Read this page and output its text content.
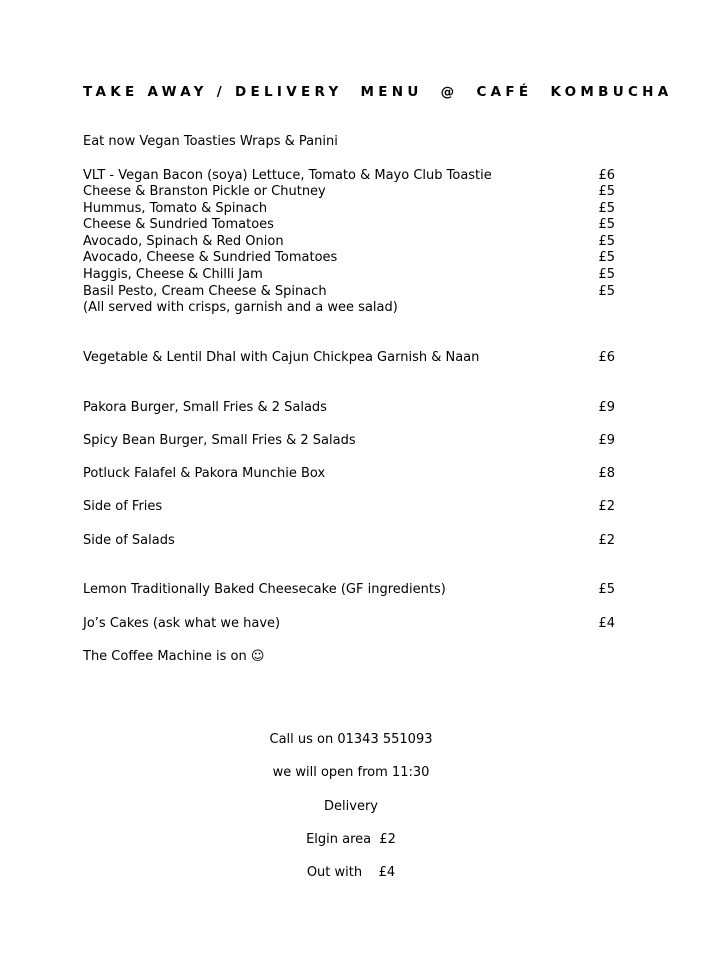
TAKE AWAY / DELIVERY  MENU  @  CAFÉ  KOMBUCHA
Eat now Vegan Toasties Wraps & Panini
VLT - Vegan Bacon (soya) Lettuce, Tomato & Mayo Club Toastie	£6
Cheese & Branston Pickle or Chutney	£5
Hummus, Tomato & Spinach	£5
Cheese & Sundried Tomatoes	£5
Avocado, Spinach & Red Onion	£5
Avocado, Cheese & Sundried Tomatoes	£5
Haggis, Cheese & Chilli Jam	£5
Basil Pesto, Cream Cheese & Spinach	£5
(All served with crisps, garnish and a wee salad)
Vegetable & Lentil Dhal with Cajun Chickpea Garnish & Naan	£6
Pakora Burger, Small Fries & 2 Salads	£9
Spicy Bean Burger, Small Fries & 2 Salads	£9
Potluck Falafel & Pakora Munchie Box	£8
Side of Fries	£2
Side of Salads	£2
Lemon Traditionally Baked Cheesecake (GF ingredients)	£5
Jo’s Cakes (ask what we have)	£4
The Coffee Machine is on ☺
Call us on 01343 551093
we will open from 11:30
Delivery
Elgin area  £2
Out with    £4
